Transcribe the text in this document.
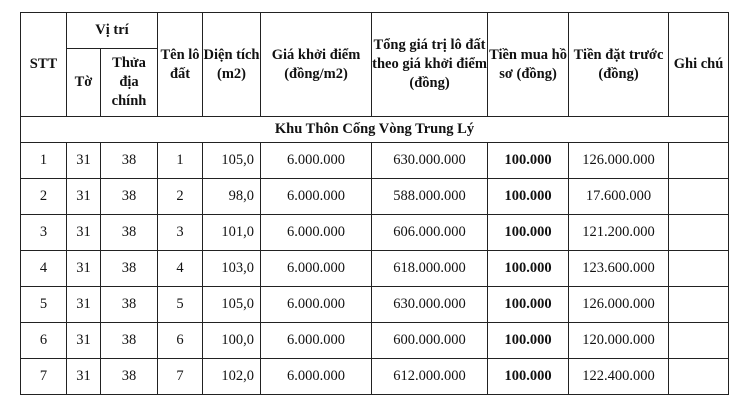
STT	Vị trí		Tên lô đất	Diện tích (m2)	Giá khởi điểm (đồng/m2)	Tổng giá trị lô đất theo giá khởi điểm (đồng)	Tiền mua hồ sơ (đồng)	Tiền đặt trước (đồng)	Ghi chú
	Tờ	Thửa địa chính							
Khu Thôn Cống Vòng Trung Lý									
1	31	38	1	105,0	6.000.000	630.000.000	100.000	126.000.000	
2	31	38	2	98,0	6.000.000	588.000.000	100.000	17.600.000	
3	31	38	3	101,0	6.000.000	606.000.000	100.000	121.200.000	
4	31	38	4	103,0	6.000.000	618.000.000	100.000	123.600.000	
5	31	38	5	105,0	6.000.000	630.000.000	100.000	126.000.000	
6	31	38	6	100,0	6.000.000	600.000.000	100.000	120.000.000	
7	31	38	7	102,0	6.000.000	612.000.000	100.000	122.400.000	
